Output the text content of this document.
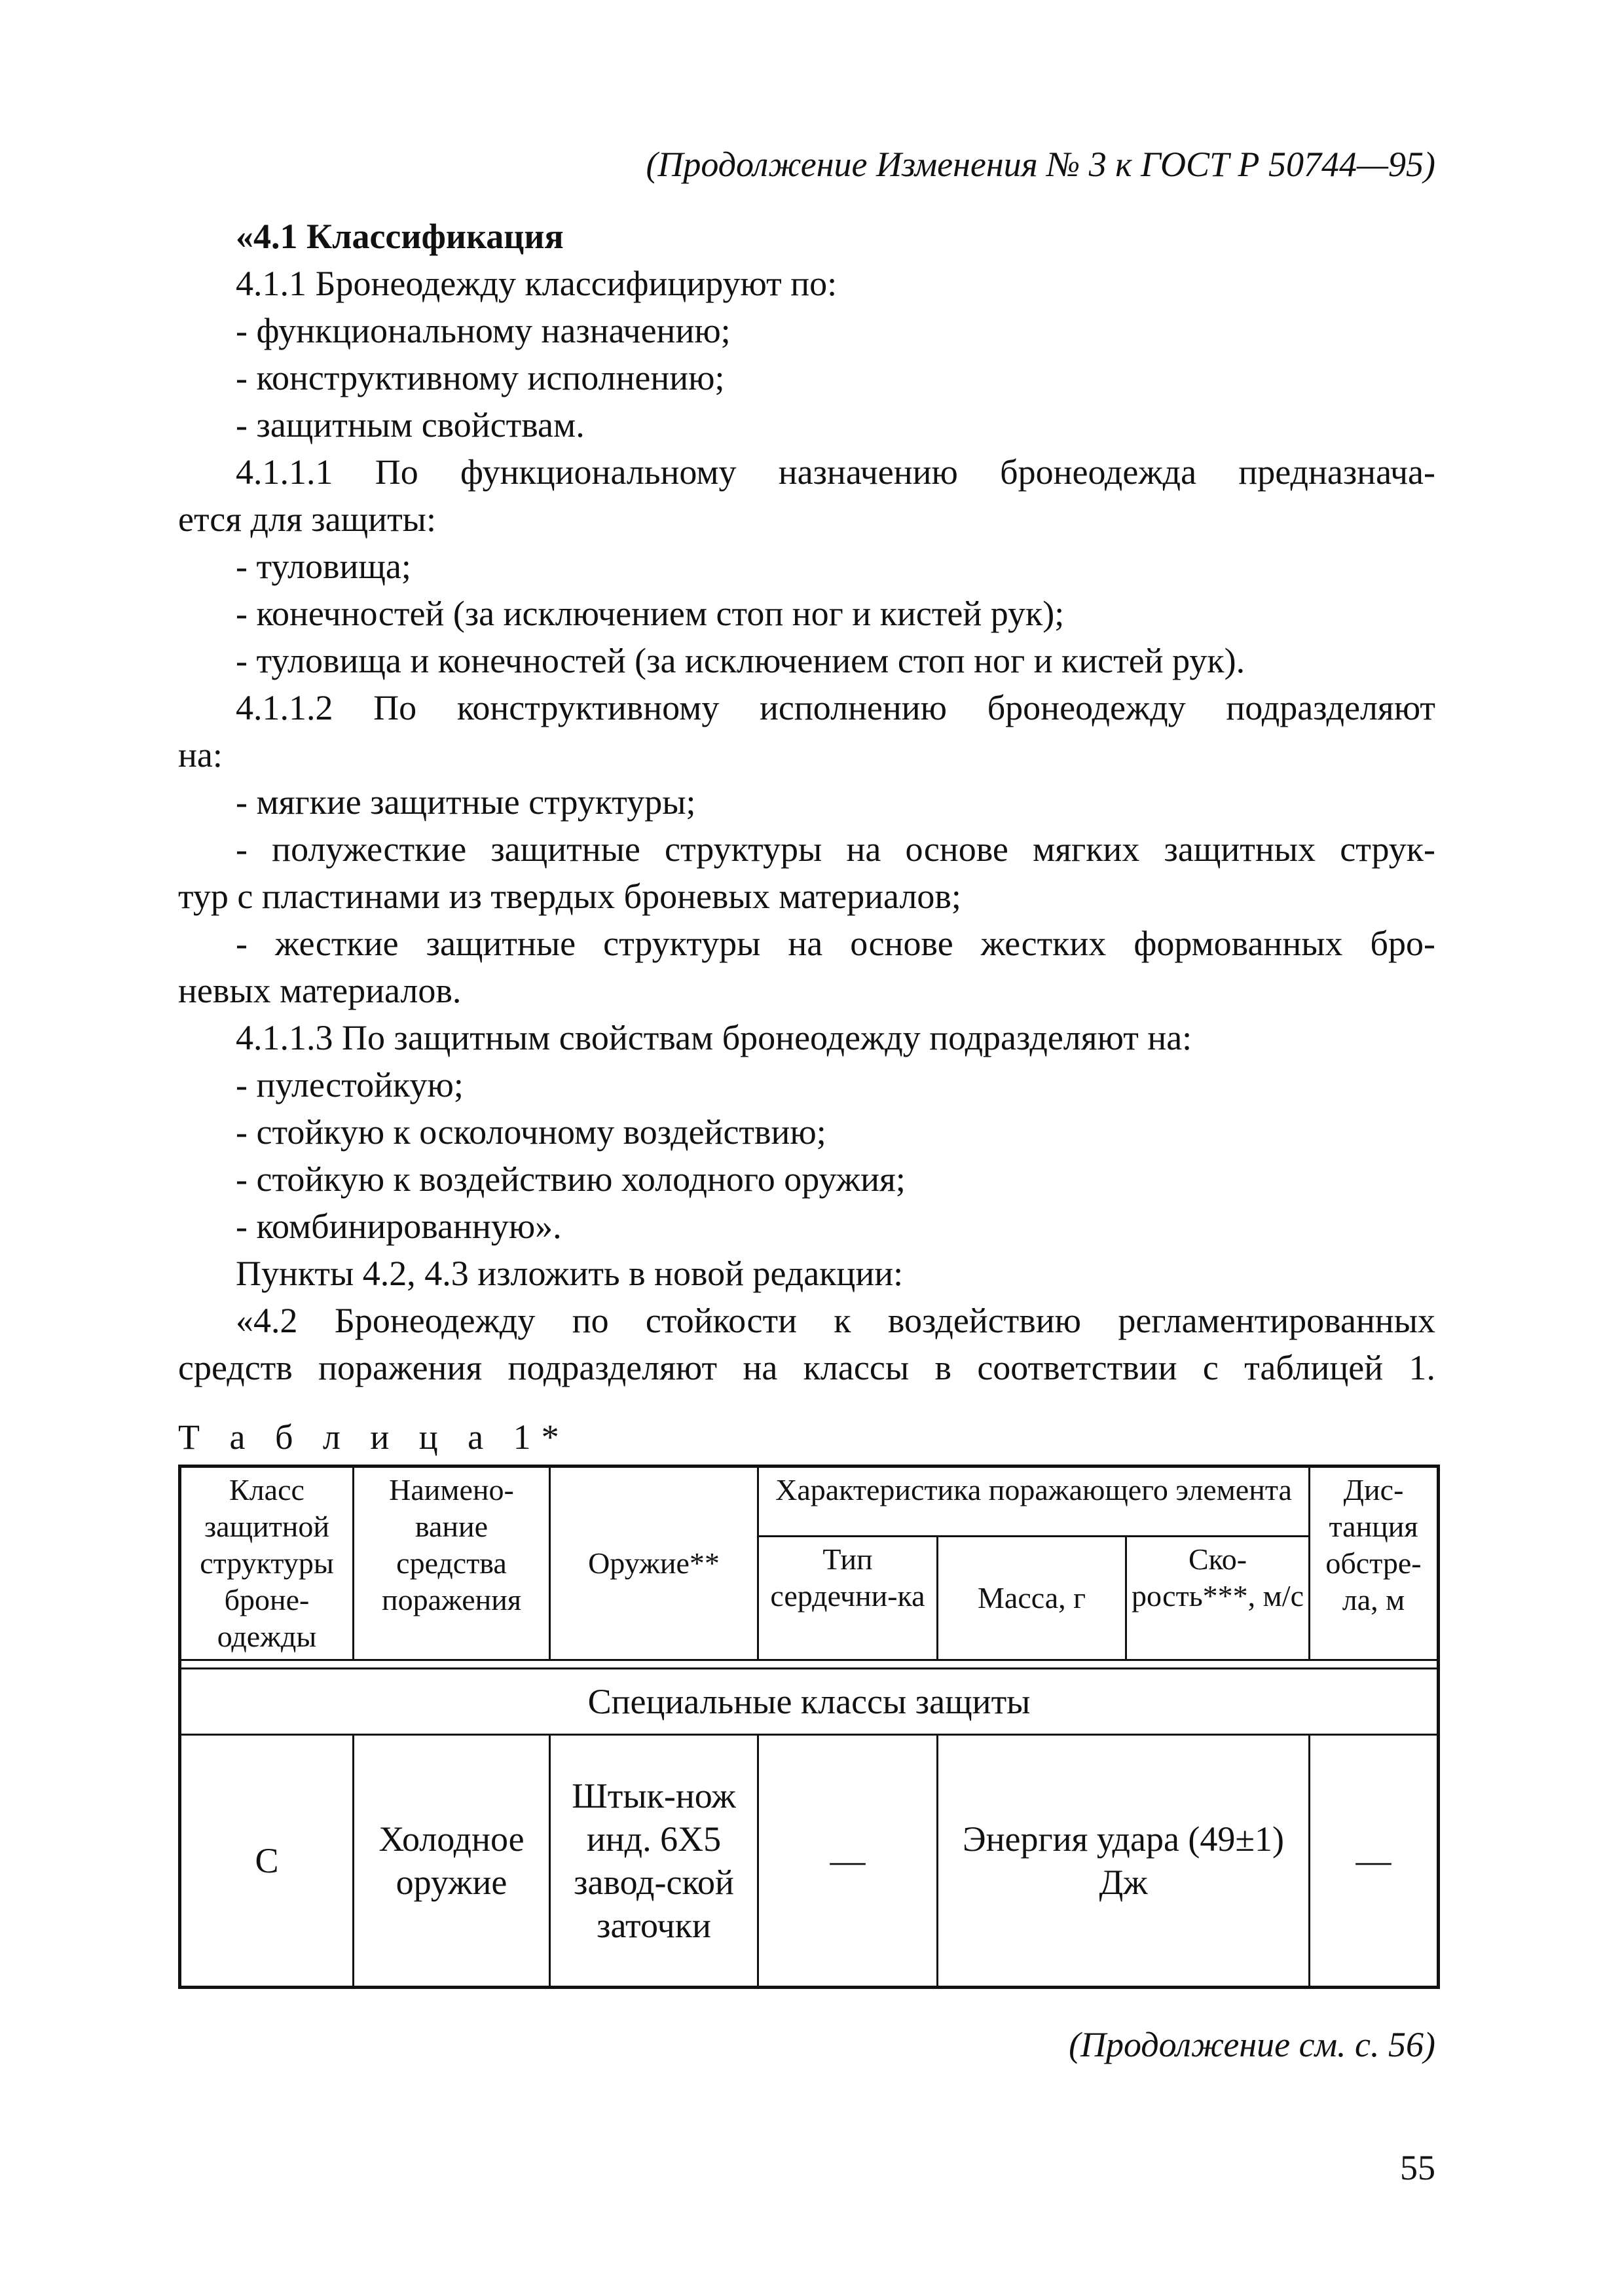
(Продолжение Изменения № 3 к ГОСТ Р 50744—95)
«4.1 Классификация
4.1.1 Бронеодежду классифицируют по:
- функциональному назначению;
- конструктивному исполнению;
- защитным свойствам.
4.1.1.1 По функциональному назначению бронеодежда предназнача-
ется для защиты:
- туловища;
- конечностей (за исключением стоп ног и кистей рук);
- туловища и конечностей (за исключением стоп ног и кистей рук).
4.1.1.2 По конструктивному исполнению бронеодежду подразделяют
на:
- мягкие защитные структуры;
- полужесткие защитные структуры на основе мягких защитных струк-
тур с пластинами из твердых броневых материалов;
- жесткие защитные структуры на основе жестких формованных бро-
невых материалов.
4.1.1.3 По защитным свойствам бронеодежду подразделяют на:
- пулестойкую;
- стойкую к осколочному воздействию;
- стойкую к воздействию холодного оружия;
- комбинированную».
Пункты 4.2, 4.3 изложить в новой редакции:
«4.2 Бронеодежду по стойкости к воздействию регламентированных
средств поражения подразделяют на классы в соответствии с таблицей 1.
Т а б л и ц а 1*
Класс защитной структуры броне-одежды	Наимено-вание средства поражения	Оружие**	Характеристика поражающего элемента			Дис-танция обстре-ла, м
			Тип сердечни-ка	Масса, г	Ско-рость***, м/с	

Специальные классы защиты						
С	Холодное оружие	Штык-нож инд. 6Х5 завод-ской заточки	—	Энергия удара (49±1) Дж		—
(Продолжение см. с. 56)
55
